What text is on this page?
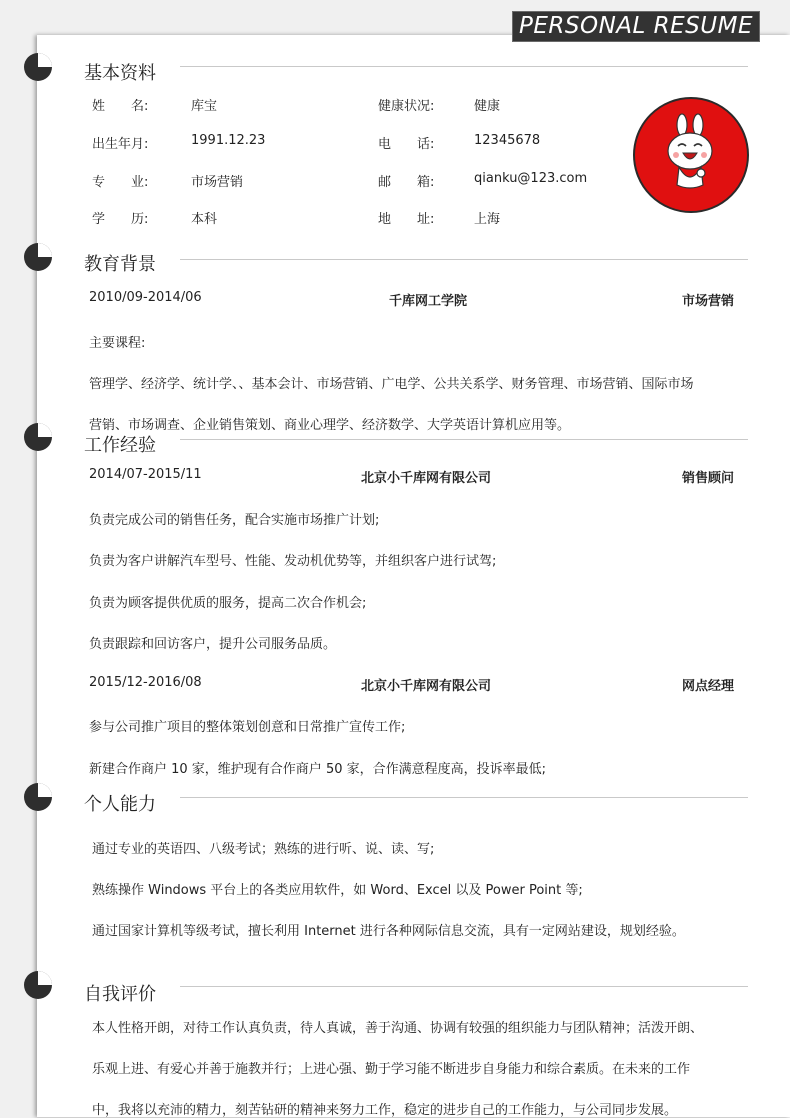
PERSONAL RESUME
基本资料
姓　　名:	库宝	健康状况:	健康
出生年月:	1991.12.23	电　　话:	12345678
专　　业:	市场营销	邮　　箱:	qianku@123.com
学　　历:	本科	地　　址:	上海
教育背景
2010/09-2014/06	千库网工学院	市场营销
主要课程:
管理学、经济学、统计学、、基本会计、市场营销、广电学、公共关系学、财务管理、市场营销、国际市场
营销、市场调查、企业销售策划、商业心理学、经济数学、大学英语计算机应用等。
工作经验
2014/07-2015/11	北京小千库网有限公司	销售顾问
负责完成公司的销售任务，配合实施市场推广计划;
负责为客户讲解汽车型号、性能、发动机优势等，并组织客户进行试驾;
负责为顾客提供优质的服务，提高二次合作机会;
负责跟踪和回访客户，提升公司服务品质。
2015/12-2016/08	北京小千库网有限公司	网点经理
参与公司推广项目的整体策划创意和日常推广宣传工作;
新建合作商户 10 家，维护现有合作商户 50 家，合作满意程度高，投诉率最低;
个人能力
通过专业的英语四、八级考试；熟练的进行听、说、读、写;
熟练操作 Windows 平台上的各类应用软件，如 Word、Excel 以及 Power Point 等;
通过国家计算机等级考试，擅长利用 Internet 进行各种网际信息交流，具有一定网站建设，规划经验。
自我评价
本人性格开朗，对待工作认真负责，待人真诚，善于沟通、协调有较强的组织能力与团队精神；活泼开朗、
乐观上进、有爱心并善于施教并行；上进心强、勤于学习能不断进步自身能力和综合素质。在未来的工作
中，我将以充沛的精力，刻苦钻研的精神来努力工作，稳定的进步自己的工作能力，与公司同步发展。
